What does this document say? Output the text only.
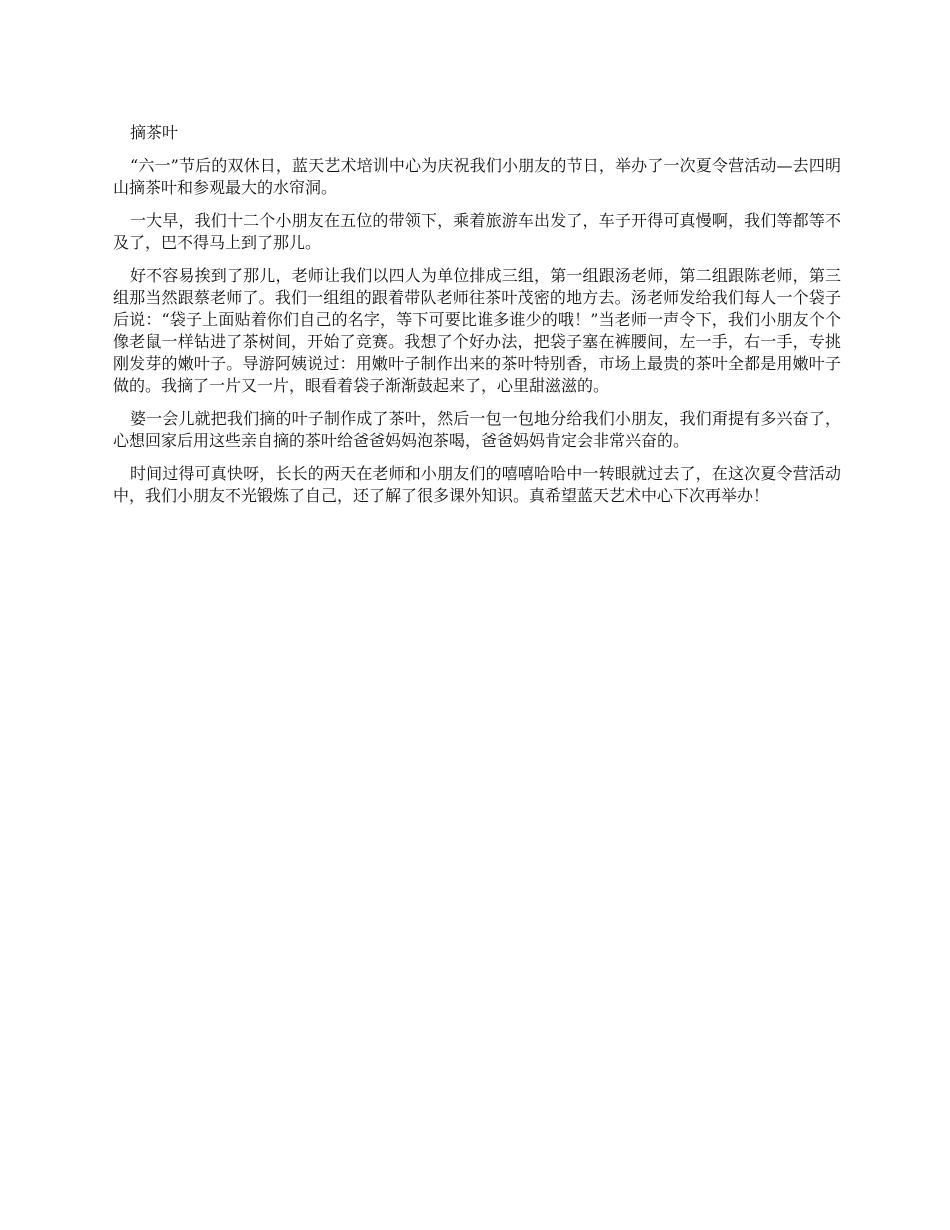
摘茶叶

“六一”节后的双休日，蓝天艺术培训中心为庆祝我们小朋友的节日，举办了一次夏令营活动—去四明山摘茶叶和参观最大的水帘洞。

一大早，我们十二个小朋友在五位的带领下，乘着旅游车出发了，车子开得可真慢啊，我们等都等不及了，巴不得马上到了那儿。

好不容易挨到了那儿，老师让我们以四人为单位排成三组，第一组跟汤老师，第二组跟陈老师，第三组那当然跟蔡老师了。我们一组组的跟着带队老师往茶叶茂密的地方去。汤老师发给我们每人一个袋子后说：“袋子上面贴着你们自己的名字，等下可要比谁多谁少的哦！”当老师一声令下，我们小朋友个个像老鼠一样钻进了茶树间，开始了竞赛。我想了个好办法，把袋子塞在裤腰间，左一手，右一手，专挑刚发芽的嫩叶子。导游阿姨说过：用嫩叶子制作出来的茶叶特别香，市场上最贵的茶叶全都是用嫩叶子做的。我摘了一片又一片，眼看着袋子渐渐鼓起来了，心里甜滋滋的。

婆一会儿就把我们摘的叶子制作成了茶叶，然后一包一包地分给我们小朋友，我们甭提有多兴奋了，心想回家后用这些亲自摘的茶叶给爸爸妈妈泡茶喝，爸爸妈妈肯定会非常兴奋的。

时间过得可真快呀，长长的两天在老师和小朋友们的嘻嘻哈哈中一转眼就过去了，在这次夏令营活动中，我们小朋友不光锻炼了自己，还了解了很多课外知识。真希望蓝天艺术中心下次再举办！
